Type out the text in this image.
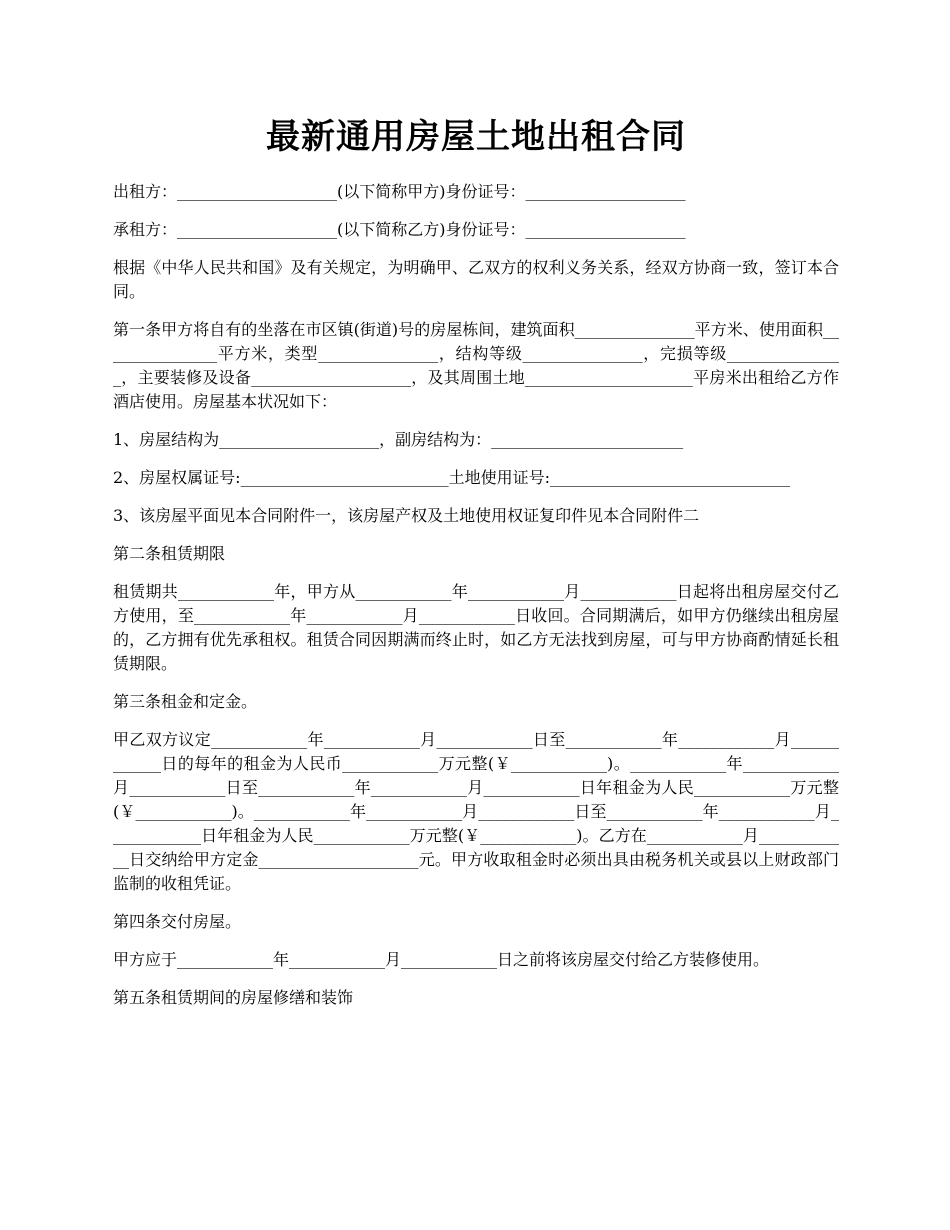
最新通用房屋土地出租合同

出租方：____________________(以下简称甲方)身份证号：____________________

承租方：____________________(以下简称乙方)身份证号：____________________

根据《中华人民共和国》及有关规定，为明确甲、乙双方的权利义务关系，经双方协商一致，签订本合同。

第一条甲方将自有的坐落在市区镇(街道)号的房屋栋间，建筑面积_______________平方米、使用面积_______________平方米，类型_______________，结构等级_______________，完损等级_______________，主要装修及设备____________________，及其周围土地_____________________平房米出租给乙方作酒店使用。房屋基本状况如下：

1、房屋结构为____________________，副房结构为：________________________

2、房屋权属证号:__________________________土地使用证号:______________________________

3、该房屋平面见本合同附件一，该房屋产权及土地使用权证复印件见本合同附件二

第二条租赁期限

租赁期共____________年，甲方从____________年____________月____________日起将出租房屋交付乙方使用，至____________年____________月____________日收回。合同期满后，如甲方仍继续出租房屋的，乙方拥有优先承租权。租赁合同因期满而终止时，如乙方无法找到房屋，可与甲方协商酌情延长租赁期限。

第三条租金和定金。

甲乙双方议定____________年____________月____________日至____________年____________月____________日的每年的租金为人民币____________万元整(￥____________)。____________年____________月____________日至____________年____________月____________日年租金为人民____________万元整(￥____________)。____________年____________月____________日至____________年____________月____________日年租金为人民____________万元整(￥____________)。乙方在____________月____________日交纳给甲方定金____________________元。甲方收取租金时必须出具由税务机关或县以上财政部门监制的收租凭证。

第四条交付房屋。

甲方应于____________年____________月____________日之前将该房屋交付给乙方装修使用。

第五条租赁期间的房屋修缮和装饰
